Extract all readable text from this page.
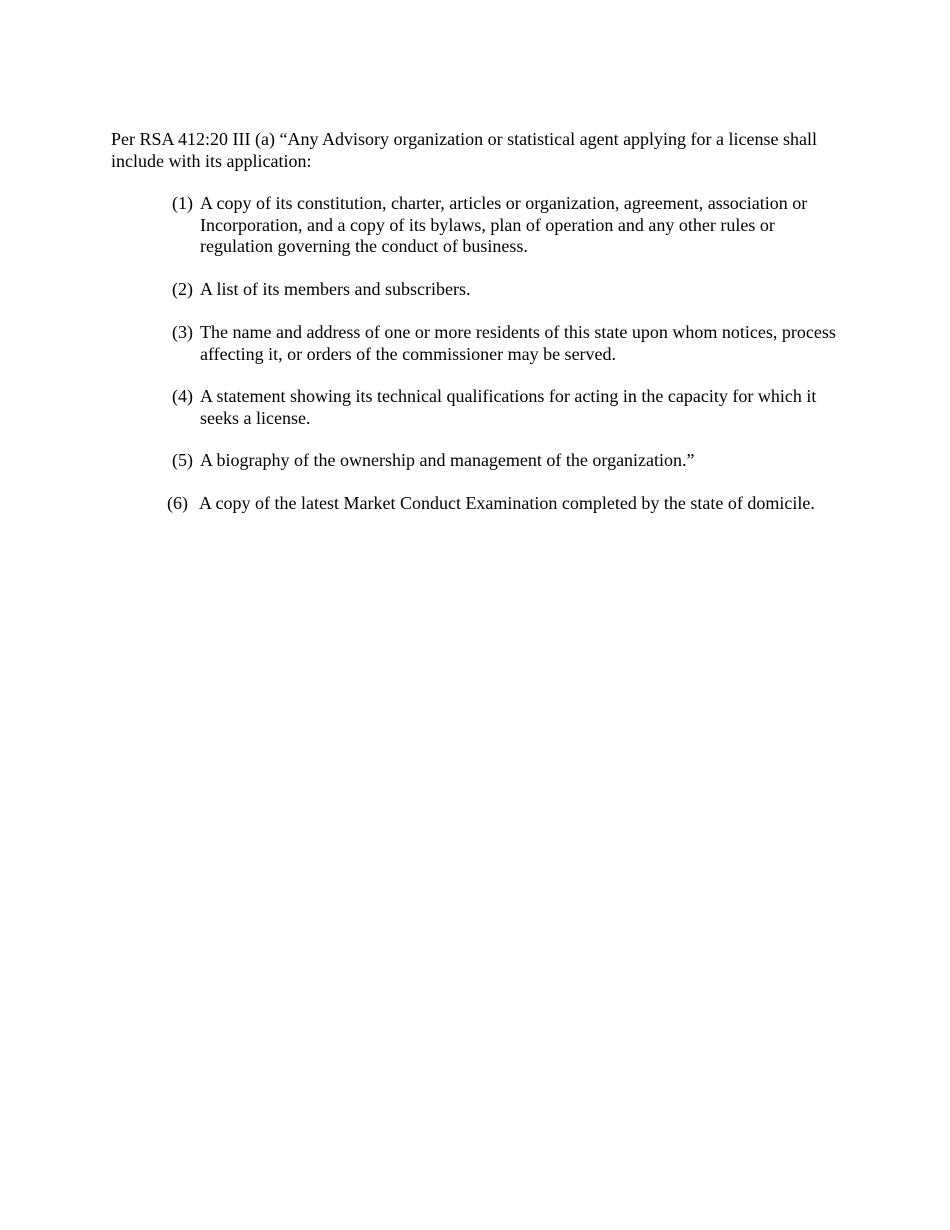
Per RSA 412:20 III (a) “Any Advisory organization or statistical agent applying for a license shall include with its application:

(1) A copy of its constitution, charter, articles or organization, agreement, association or Incorporation, and a copy of its bylaws, plan of operation and any other rules or regulation governing the conduct of business.
(2) A list of its members and subscribers.
(3) The name and address of one or more residents of this state upon whom notices, process affecting it, or orders of the commissioner may be served.
(4) A statement showing its technical qualifications for acting in the capacity for which it seeks a license.
(5) A biography of the ownership and management of the organization.”
(6) A copy of the latest Market Conduct Examination completed by the state of domicile.
